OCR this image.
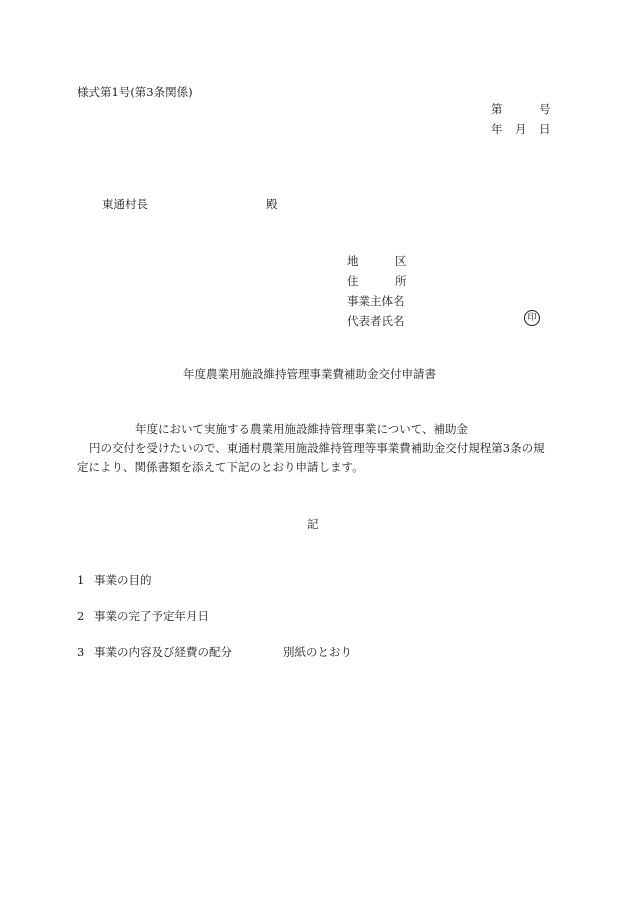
様式第1号(第3条関係)
第	号
年 月 日
東通村長	殿
地	区
住	所
事業主体名
代表者氏名	印
年度農業用施設維持管理事業費補助金交付申請書
年度において実施する農業用施設維持管理事業について、補助金
円の交付を受けたいので、東通村農業用施設維持管理等事業費補助金交付規程第3条の規
定により、関係書類を添えて下記のとおり申請します。
記
1 事業の目的
2 事業の完了予定年月日
3 事業の内容及び経費の配分	別紙のとおり
